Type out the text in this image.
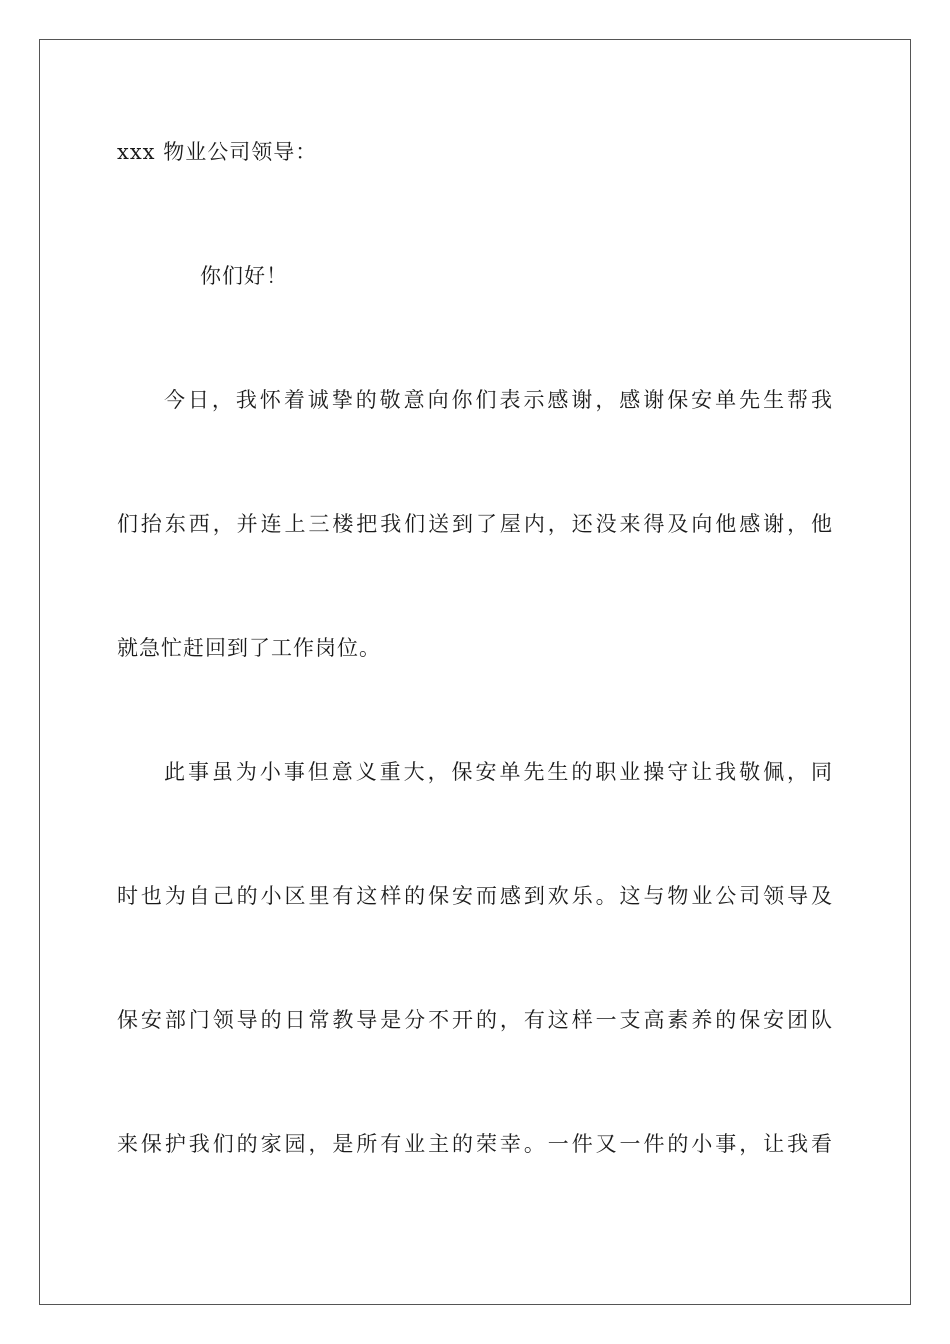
xxx 物业公司领导：
你们好！
今日，我怀着诚挚的敬意向你们表示感谢，感谢保安单先生帮我
们抬东西，并连上三楼把我们送到了屋内，还没来得及向他感谢，他
就急忙赶回到了工作岗位。
此事虽为小事但意义重大，保安单先生的职业操守让我敬佩，同
时也为自己的小区里有这样的保安而感到欢乐。这与物业公司领导及
保安部门领导的日常教导是分不开的，有这样一支高素养的保安团队
来保护我们的家园，是所有业主的荣幸。一件又一件的小事，让我看
